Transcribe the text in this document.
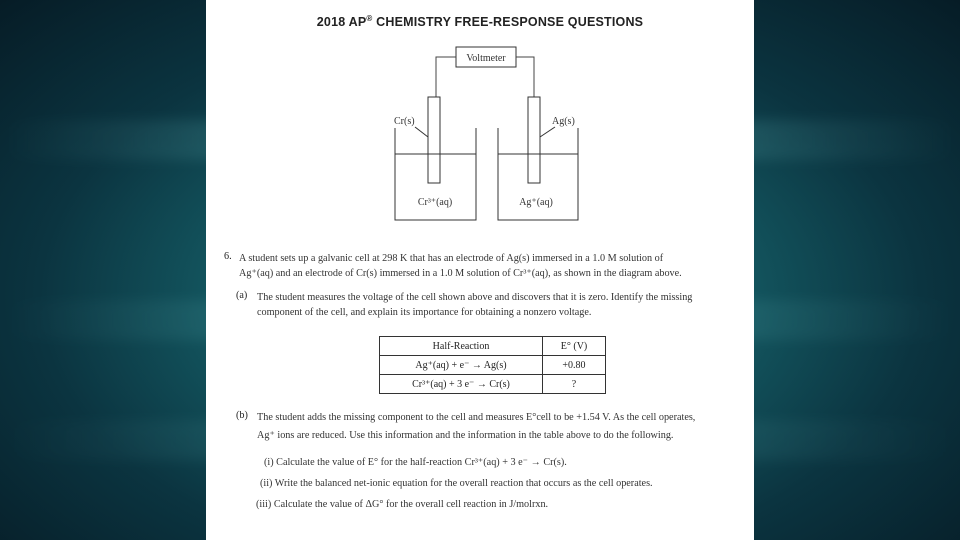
2018 AP® CHEMISTRY FREE-RESPONSE QUESTIONS
Voltmeter
Cr(s)	Ag(s)
Cr³⁺(aq)	Ag⁺(aq)
6. A student sets up a galvanic cell at 298 K that has an electrode of Ag(s) immersed in a 1.0 M solution of
Ag⁺(aq) and an electrode of Cr(s) immersed in a 1.0 M solution of Cr³⁺(aq), as shown in the diagram above.
(a) The student measures the voltage of the cell shown above and discovers that it is zero. Identify the missing
component of the cell, and explain its importance for obtaining a nonzero voltage.
Half-Reaction	E° (V)
Ag⁺(aq) + e⁻ → Ag(s)	+0.80
Cr³⁺(aq) + 3 e⁻ → Cr(s)	?
(b) The student adds the missing component to the cell and measures E°cell to be +1.54 V. As the cell operates,
Ag⁺ ions are reduced. Use this information and the information in the table above to do the following.
(i) Calculate the value of E° for the half-reaction Cr³⁺(aq) + 3 e⁻ → Cr(s).
(ii) Write the balanced net-ionic equation for the overall reaction that occurs as the cell operates.
(iii) Calculate the value of ΔG° for the overall cell reaction in J/molrxn.
